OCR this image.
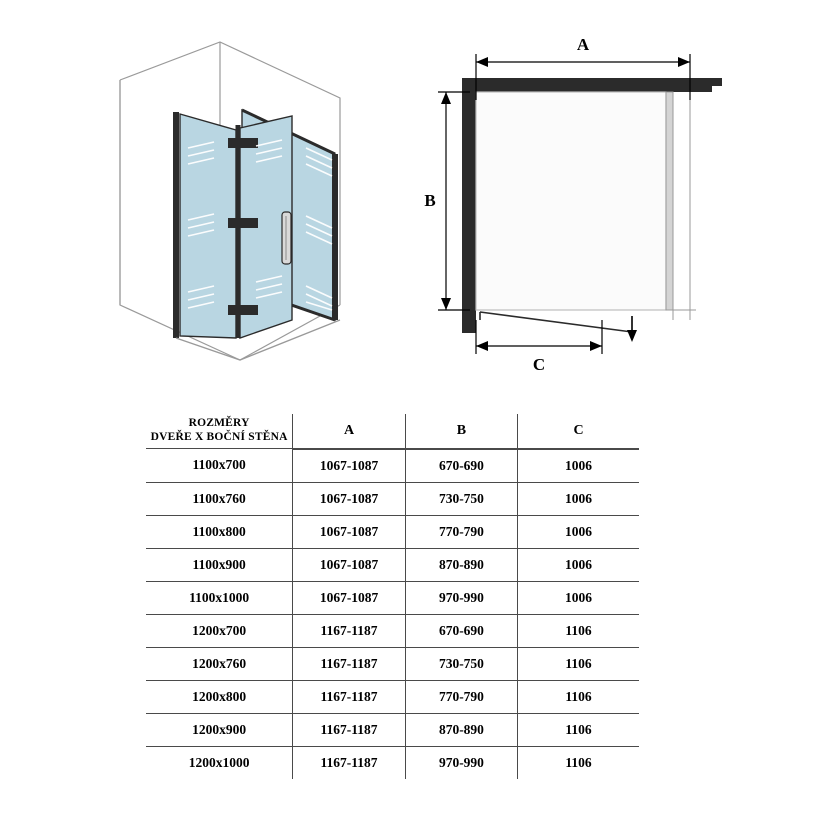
A
B
C
ROZMĚRY
DVEŘE X BOČNÍ STĚNA	A	B	C
1100x700	1067-1087	670-690	1006
1100x760	1067-1087	730-750	1006
1100x800	1067-1087	770-790	1006
1100x900	1067-1087	870-890	1006
1100x1000	1067-1087	970-990	1006
1200x700	1167-1187	670-690	1106
1200x760	1167-1187	730-750	1106
1200x800	1167-1187	770-790	1106
1200x900	1167-1187	870-890	1106
1200x1000	1167-1187	970-990	1106
